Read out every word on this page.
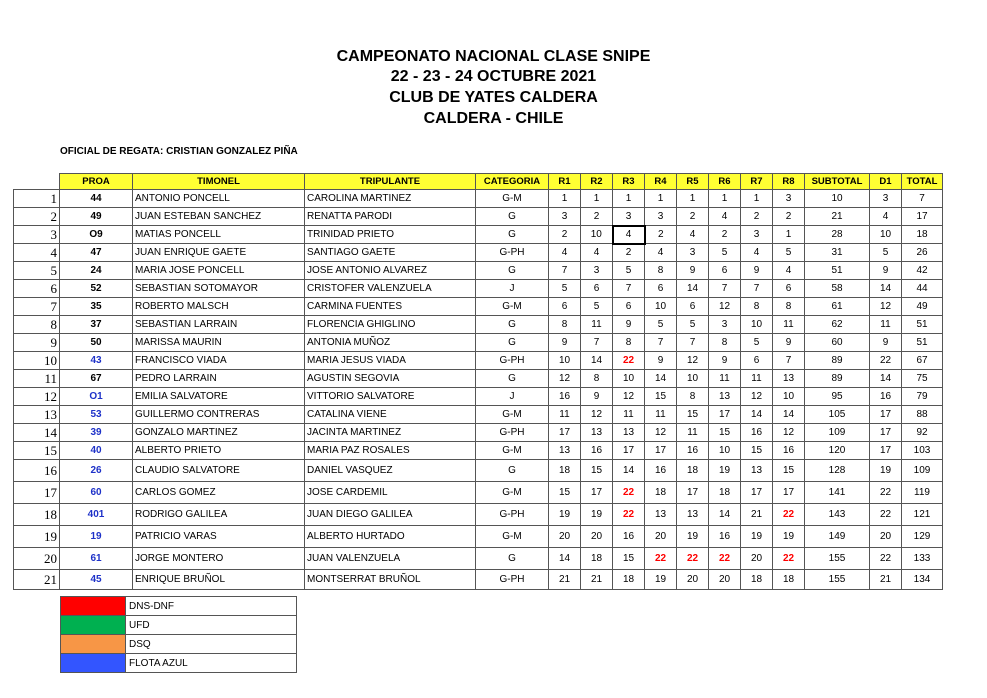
CAMPEONATO NACIONAL CLASE SNIPE
22 - 23 - 24 OCTUBRE 2021
CLUB DE YATES CALDERA
CALDERA - CHILE
OFICIAL DE REGATA: CRISTIAN GONZALEZ PIÑA
	PROA	TIMONEL	TRIPULANTE	CATEGORIA	R1	R2	R3	R4	R5	R6	R7	R8	SUBTOTAL	D1	TOTAL
1	44	ANTONIO PONCELL	CAROLINA MARTINEZ	G-M	1	1	1	1	1	1	1	3	10	3	7
2	49	JUAN ESTEBAN SANCHEZ	RENATTA PARODI	G	3	2	3	3	2	4	2	2	21	4	17
3	O9	MATIAS PONCELL	TRINIDAD PRIETO	G	2	10	4	2	4	2	3	1	28	10	18
4	47	JUAN ENRIQUE GAETE	SANTIAGO GAETE	G-PH	4	4	2	4	3	5	4	5	31	5	26
5	24	MARIA JOSE PONCELL	JOSE ANTONIO ALVAREZ	G	7	3	5	8	9	6	9	4	51	9	42
6	52	SEBASTIAN SOTOMAYOR	CRISTOFER VALENZUELA	J	5	6	7	6	14	7	7	6	58	14	44
7	35	ROBERTO MALSCH	CARMINA FUENTES	G-M	6	5	6	10	6	12	8	8	61	12	49
8	37	SEBASTIAN LARRAIN	FLORENCIA GHIGLINO	G	8	11	9	5	5	3	10	11	62	11	51
9	50	MARISSA MAURIN	ANTONIA MUÑOZ	G	9	7	8	7	7	8	5	9	60	9	51
10	43	FRANCISCO VIADA	MARIA JESUS VIADA	G-PH	10	14	22	9	12	9	6	7	89	22	67
11	67	PEDRO LARRAIN	AGUSTIN SEGOVIA	G	12	8	10	14	10	11	11	13	89	14	75
12	O1	EMILIA SALVATORE	VITTORIO SALVATORE	J	16	9	12	15	8	13	12	10	95	16	79
13	53	GUILLERMO CONTRERAS	CATALINA VIENE	G-M	11	12	11	11	15	17	14	14	105	17	88
14	39	GONZALO MARTINEZ	JACINTA MARTINEZ	G-PH	17	13	13	12	11	15	16	12	109	17	92
15	40	ALBERTO PRIETO	MARIA PAZ ROSALES	G-M	13	16	17	17	16	10	15	16	120	17	103
16	26	CLAUDIO SALVATORE	DANIEL VASQUEZ	G	18	15	14	16	18	19	13	15	128	19	109
17	60	CARLOS GOMEZ	JOSE CARDEMIL	G-M	15	17	22	18	17	18	17	17	141	22	119
18	401	RODRIGO GALILEA	JUAN DIEGO GALILEA	G-PH	19	19	22	13	13	14	21	22	143	22	121
19	19	PATRICIO VARAS	ALBERTO HURTADO	G-M	20	20	16	20	19	16	19	19	149	20	129
20	61	JORGE MONTERO	JUAN VALENZUELA	G	14	18	15	22	22	22	20	22	155	22	133
21	45	ENRIQUE BRUÑOL	MONTSERRAT BRUÑOL	G-PH	21	21	18	19	20	20	18	18	155	21	134
	DNS-DNF
	UFD
	DSQ
	FLOTA AZUL
